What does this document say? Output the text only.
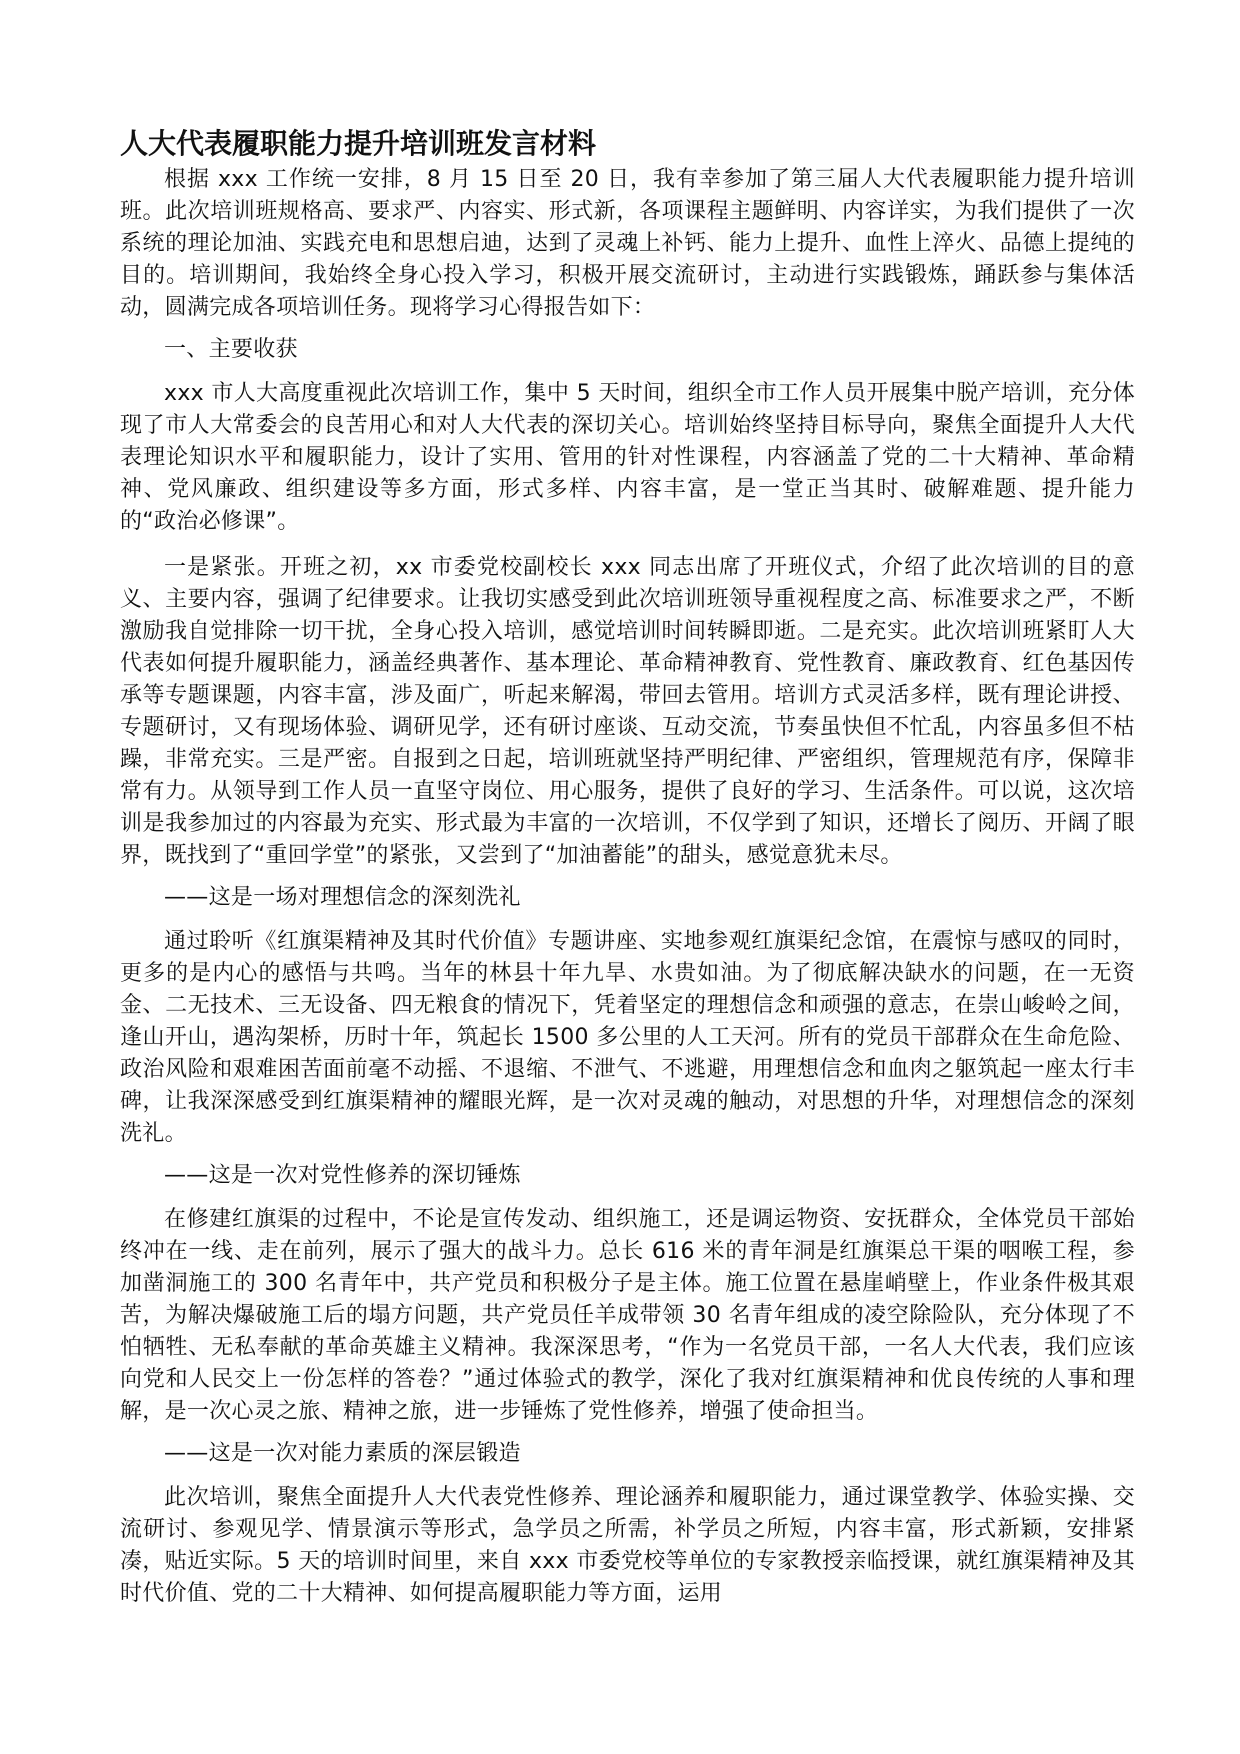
人大代表履职能力提升培训班发言材料

根据 xxx 工作统一安排，8 月 15 日至 20 日，我有幸参加了第三届人大代表履职能力提升培训班。此次培训班规格高、要求严、内容实、形式新，各项课程主题鲜明、内容详实，为我们提供了一次系统的理论加油、实践充电和思想启迪，达到了灵魂上补钙、能力上提升、血性上淬火、品德上提纯的目的。培训期间，我始终全身心投入学习，积极开展交流研讨，主动进行实践锻炼，踊跃参与集体活动，圆满完成各项培训任务。现将学习心得报告如下：

一、主要收获

xxx 市人大高度重视此次培训工作，集中 5 天时间，组织全市工作人员开展集中脱产培训，充分体现了市人大常委会的良苦用心和对人大代表的深切关心。培训始终坚持目标导向，聚焦全面提升人大代表理论知识水平和履职能力，设计了实用、管用的针对性课程，内容涵盖了党的二十大精神、革命精神、党风廉政、组织建设等多方面，形式多样、内容丰富，是一堂正当其时、破解难题、提升能力的“政治必修课”。

一是紧张。开班之初，xx 市委党校副校长 xxx 同志出席了开班仪式，介绍了此次培训的目的意义、主要内容，强调了纪律要求。让我切实感受到此次培训班领导重视程度之高、标准要求之严，不断激励我自觉排除一切干扰，全身心投入培训，感觉培训时间转瞬即逝。二是充实。此次培训班紧盯人大代表如何提升履职能力，涵盖经典著作、基本理论、革命精神教育、党性教育、廉政教育、红色基因传承等专题课题，内容丰富，涉及面广，听起来解渴，带回去管用。培训方式灵活多样，既有理论讲授、专题研讨，又有现场体验、调研见学，还有研讨座谈、互动交流，节奏虽快但不忙乱，内容虽多但不枯躁，非常充实。三是严密。自报到之日起，培训班就坚持严明纪律、严密组织，管理规范有序，保障非常有力。从领导到工作人员一直坚守岗位、用心服务，提供了良好的学习、生活条件。可以说，这次培训是我参加过的内容最为充实、形式最为丰富的一次培训，不仅学到了知识，还增长了阅历、开阔了眼界，既找到了“重回学堂”的紧张，又尝到了“加油蓄能”的甜头，感觉意犹未尽。

——这是一场对理想信念的深刻洗礼

通过聆听《红旗渠精神及其时代价值》专题讲座、实地参观红旗渠纪念馆，在震惊与感叹的同时，更多的是内心的感悟与共鸣。当年的林县十年九旱、水贵如油。为了彻底解决缺水的问题，在一无资金、二无技术、三无设备、四无粮食的情况下，凭着坚定的理想信念和顽强的意志，在崇山峻岭之间，逢山开山，遇沟架桥，历时十年，筑起长 1500 多公里的人工天河。所有的党员干部群众在生命危险、政治风险和艰难困苦面前毫不动摇、不退缩、不泄气、不逃避，用理想信念和血肉之躯筑起一座太行丰碑，让我深深感受到红旗渠精神的耀眼光辉，是一次对灵魂的触动，对思想的升华，对理想信念的深刻洗礼。

——这是一次对党性修养的深切锤炼

在修建红旗渠的过程中，不论是宣传发动、组织施工，还是调运物资、安抚群众，全体党员干部始终冲在一线、走在前列，展示了强大的战斗力。总长 616 米的青年洞是红旗渠总干渠的咽喉工程，参加凿洞施工的 300 名青年中，共产党员和积极分子是主体。施工位置在悬崖峭壁上，作业条件极其艰苦，为解决爆破施工后的塌方问题，共产党员任羊成带领 30 名青年组成的凌空除险队，充分体现了不怕牺牲、无私奉献的革命英雄主义精神。我深深思考，“作为一名党员干部，一名人大代表，我们应该向党和人民交上一份怎样的答卷？”通过体验式的教学，深化了我对红旗渠精神和优良传统的人事和理解，是一次心灵之旅、精神之旅，进一步锤炼了党性修养，增强了使命担当。

——这是一次对能力素质的深层锻造

此次培训，聚焦全面提升人大代表党性修养、理论涵养和履职能力，通过课堂教学、体验实操、交流研讨、参观见学、情景演示等形式，急学员之所需，补学员之所短，内容丰富，形式新颖，安排紧凑，贴近实际。5 天的培训时间里，来自 xxx 市委党校等单位的专家教授亲临授课，就红旗渠精神及其时代价值、党的二十大精神、如何提高履职能力等方面，运用
